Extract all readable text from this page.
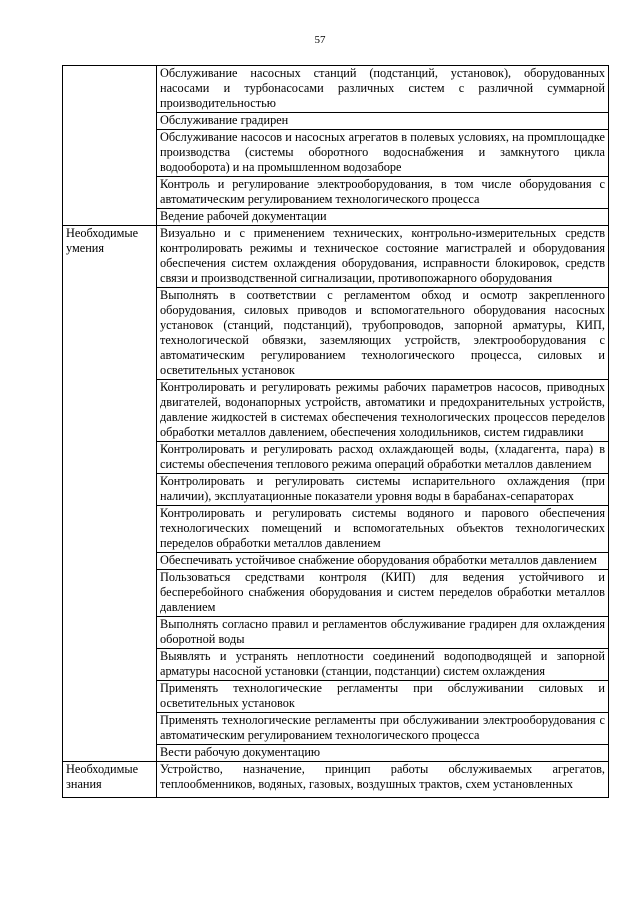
57
	Обслуживание насосных станций (подстанций, установок), оборудованных насосами и турбонасосами различных систем с различной суммарной производительностью
	Обслуживание градирен
	Обслуживание насосов и насосных агрегатов в полевых условиях, на промплощадке производства (системы оборотного водоснабжения и замкнутого цикла водооборота) и на промышленном водозаборе
	Контроль и регулирование электрооборудования, в том числе оборудования с автоматическим регулированием технологического процесса
	Ведение рабочей документации
Необходимые умения	Визуально и с применением технических, контрольно-измерительных средств контролировать режимы и техническое состояние магистралей и оборудования обеспечения систем охлаждения оборудования, исправности блокировок, средств связи и производственной сигнализации, противопожарного оборудования
	Выполнять в соответствии с регламентом обход и осмотр закрепленного оборудования, силовых приводов и вспомогательного оборудования насосных установок (станций, подстанций), трубопроводов, запорной арматуры, КИП, технологической обвязки, заземляющих устройств, электрооборудования с автоматическим регулированием технологического процесса, силовых и осветительных установок
	Контролировать и регулировать режимы рабочих параметров насосов, приводных двигателей, водонапорных устройств, автоматики и предохранительных устройств, давление жидкостей в системах обеспечения технологических процессов переделов обработки металлов давлением, обеспечения холодильников, систем гидравлики
	Контролировать и регулировать расход охлаждающей воды, (хладагента, пара) в системы обеспечения теплового режима операций обработки металлов давлением
	Контролировать и регулировать системы испарительного охлаждения (при наличии), эксплуатационные показатели уровня воды в барабанах-сепараторах
	Контролировать и регулировать системы водяного и парового обеспечения технологических помещений и вспомогательных объектов технологических переделов обработки металлов давлением
	Обеспечивать устойчивое снабжение оборудования обработки металлов давлением
	Пользоваться средствами контроля (КИП) для ведения устойчивого и бесперебойного снабжения оборудования и систем переделов обработки металлов давлением
	Выполнять согласно правил и регламентов обслуживание градирен для охлаждения оборотной воды
	Выявлять и устранять неплотности соединений водоподводящей и запорной арматуры насосной установки (станции, подстанции) систем охлаждения
	Применять технологические регламенты при обслуживании силовых и осветительных установок
	Применять технологические регламенты при обслуживании электрооборудования с автоматическим регулированием технологического процесса
	Вести рабочую документацию
Необходимые знания	Устройство, назначение, принцип работы обслуживаемых агрегатов, теплообменников, водяных, газовых, воздушных трактов, схем установленных
